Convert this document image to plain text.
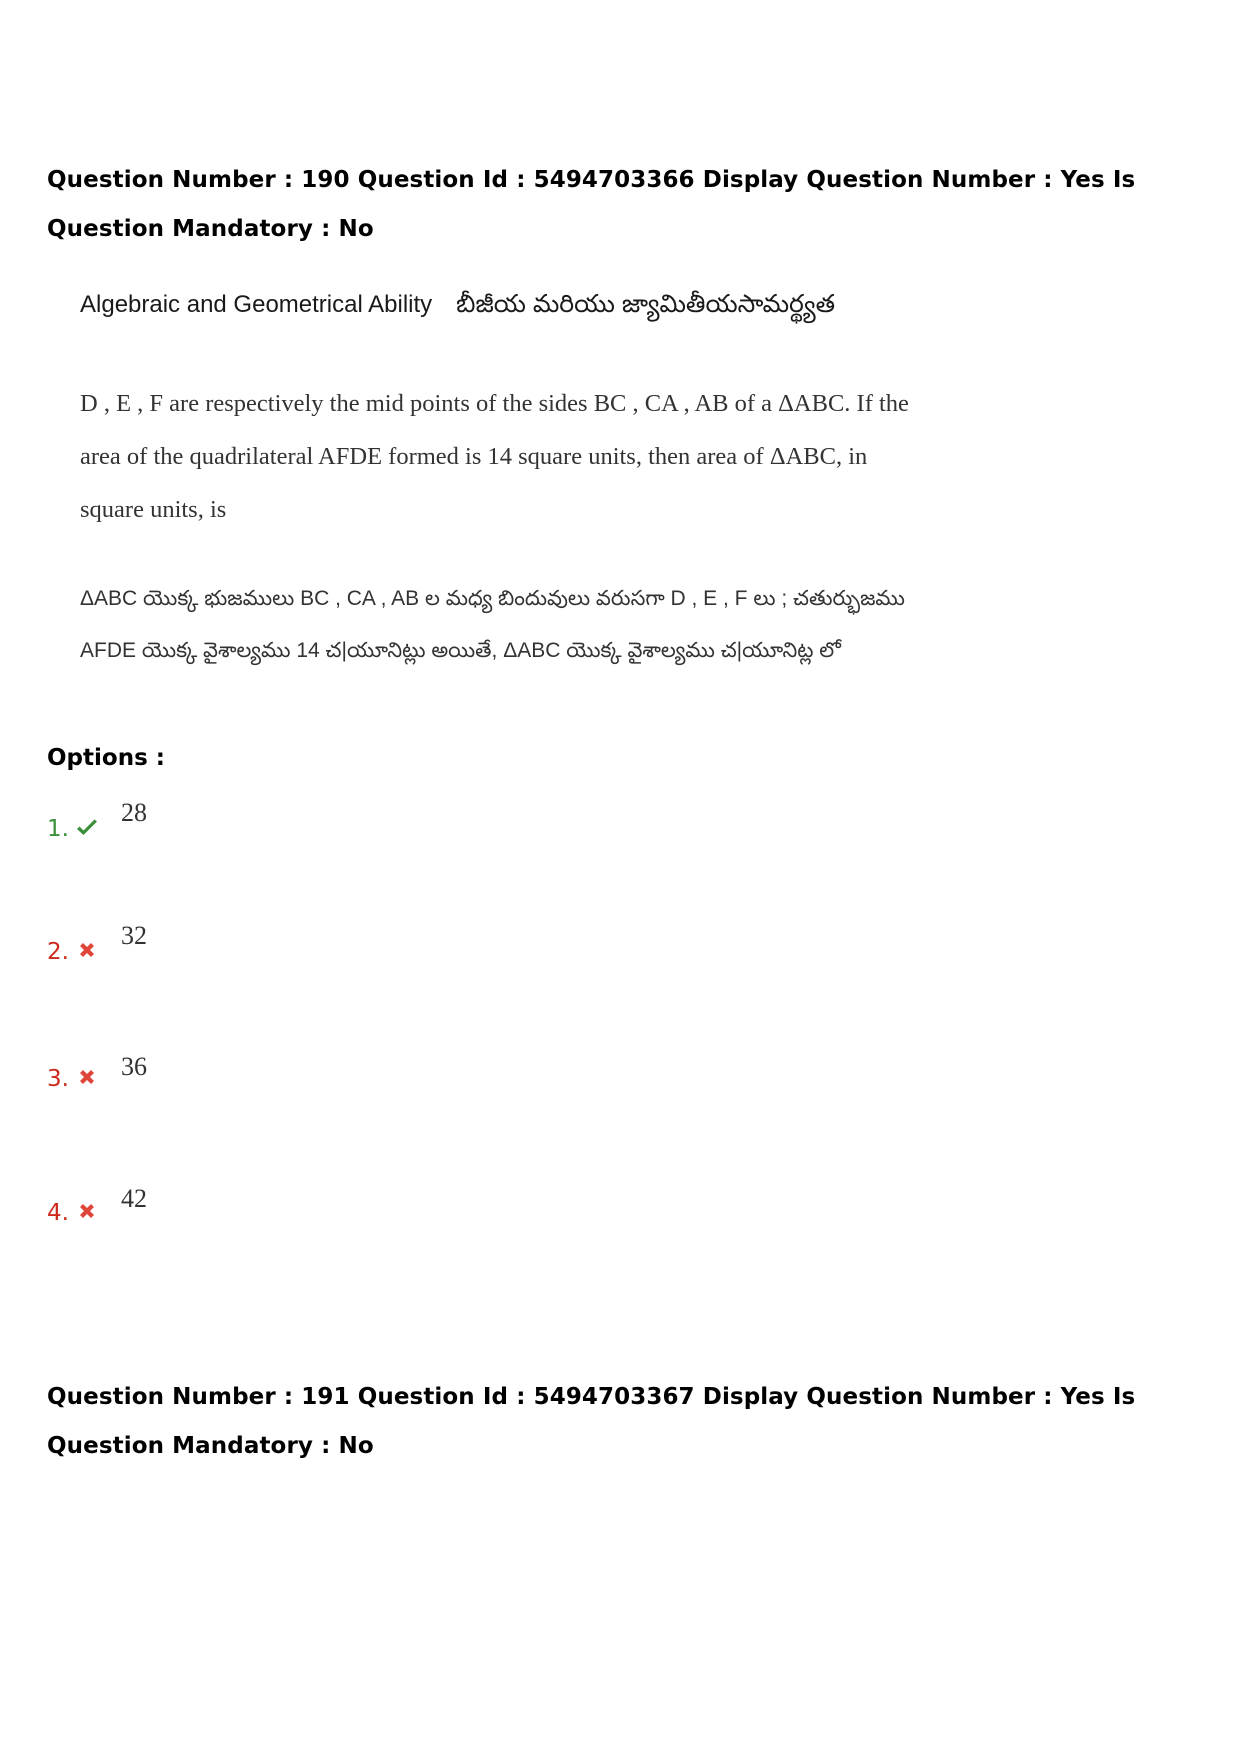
Question Number : 190 Question Id : 5494703366 Display Question Number : Yes Is Question Mandatory : No
Algebraic and Geometrical Ability బీజీయ మరియు జ్యామితీయసామర్థ్యత
D , E , F are respectively the mid points of the sides BC , CA , AB of a ΔABC. If the area of the quadrilateral AFDE formed is 14 square units, then area of ΔABC, in square units, is
ΔABC యొక్క భుజములు BC , CA , AB ల మధ్య బిందువులు వరుసగా D , E , F లు ; చతుర్భుజము AFDE యొక్క వైశాల్యము 14 చ|యూనిట్లు అయితే, ΔABC యొక్క వైశాల్యము చ|యూనిట్ల లో
Options :
1.
28
2.
32
3. 36
4. 42
Question Number : 191 Question Id : 5494703367 Display Question Number : Yes Is Question Mandatory : No
